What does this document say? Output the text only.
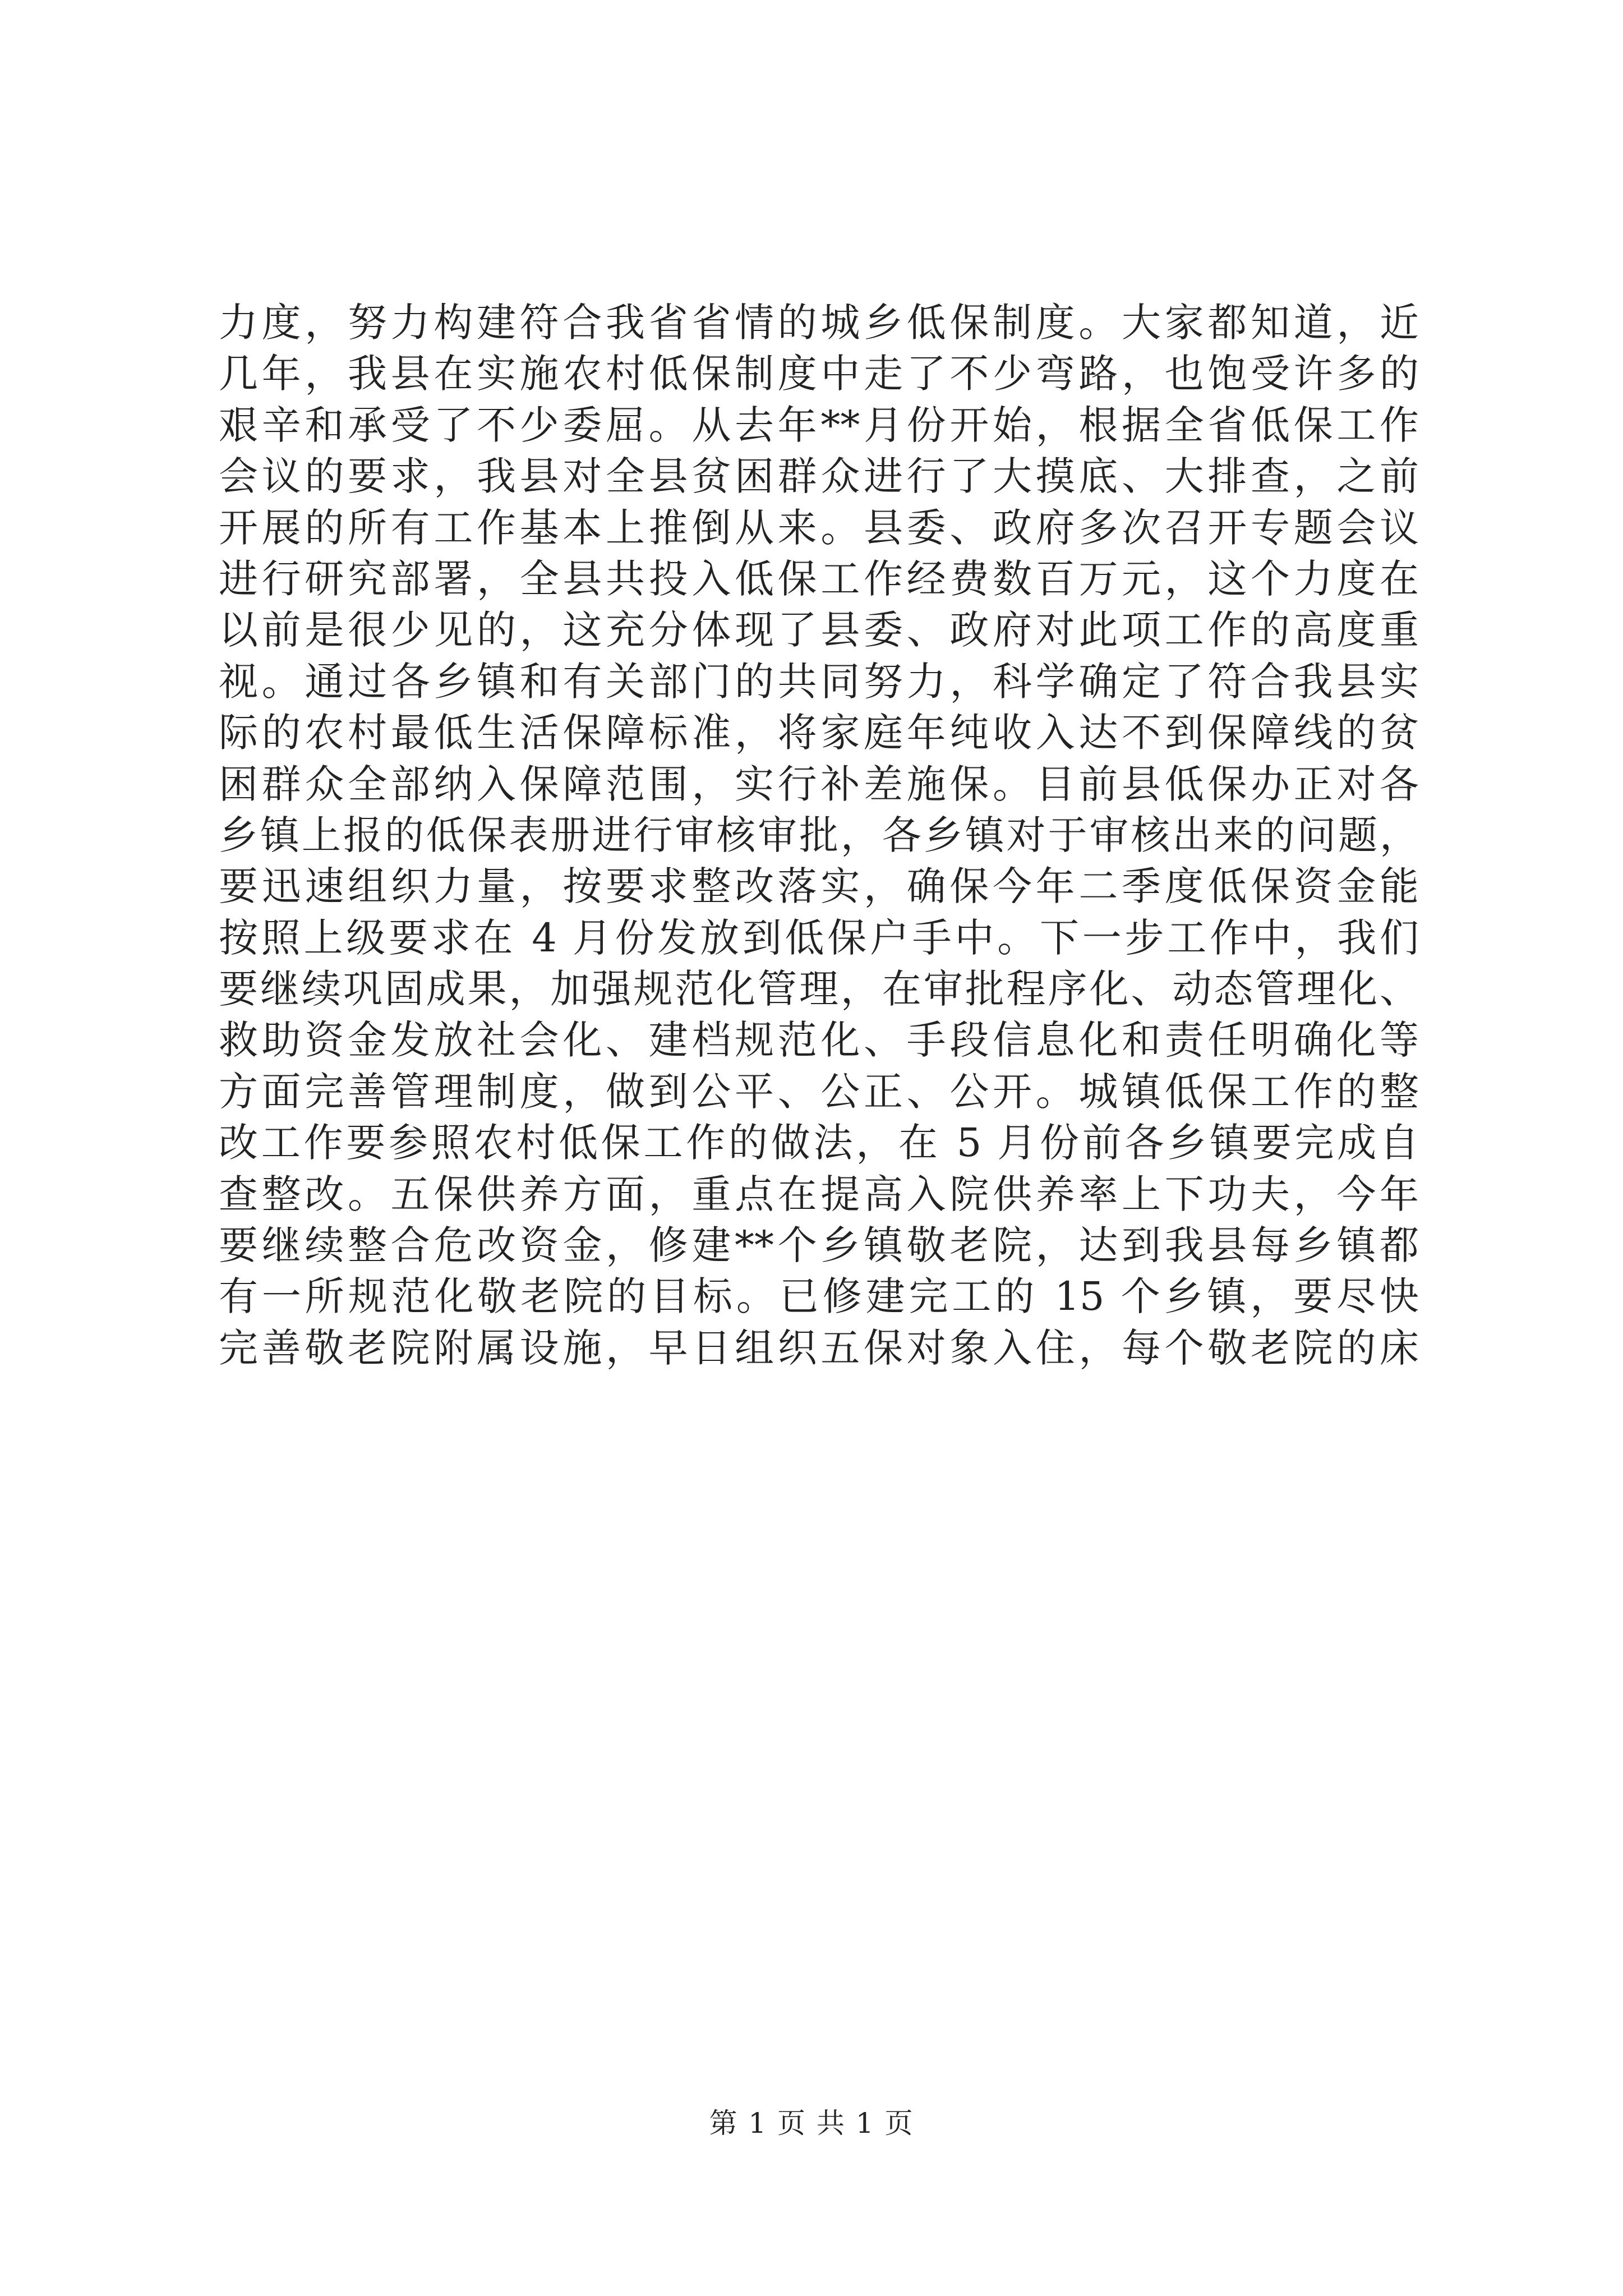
力度，努力构建符合我省省情的城乡低保制度。大家都知道，近
几年，我县在实施农村低保制度中走了不少弯路，也饱受许多的
艰辛和承受了不少委屈。从去年**月份开始，根据全省低保工作
会议的要求，我县对全县贫困群众进行了大摸底、大排查，之前
开展的所有工作基本上推倒从来。县委、政府多次召开专题会议
进行研究部署，全县共投入低保工作经费数百万元，这个力度在
以前是很少见的，这充分体现了县委、政府对此项工作的高度重
视。通过各乡镇和有关部门的共同努力，科学确定了符合我县实
际的农村最低生活保障标准，将家庭年纯收入达不到保障线的贫
困群众全部纳入保障范围，实行补差施保。目前县低保办正对各
乡镇上报的低保表册进行审核审批，各乡镇对于审核出来的问题，
要迅速组织力量，按要求整改落实，确保今年二季度低保资金能
按照上级要求在 4 月份发放到低保户手中。下一步工作中，我们
要继续巩固成果，加强规范化管理，在审批程序化、动态管理化、
救助资金发放社会化、建档规范化、手段信息化和责任明确化等
方面完善管理制度，做到公平、公正、公开。城镇低保工作的整
改工作要参照农村低保工作的做法，在 5 月份前各乡镇要完成自
查整改。五保供养方面，重点在提高入院供养率上下功夫，今年
要继续整合危改资金，修建**个乡镇敬老院，达到我县每乡镇都
有一所规范化敬老院的目标。已修建完工的 15 个乡镇，要尽快
完善敬老院附属设施，早日组织五保对象入住，每个敬老院的床
第 1 页 共 1 页
